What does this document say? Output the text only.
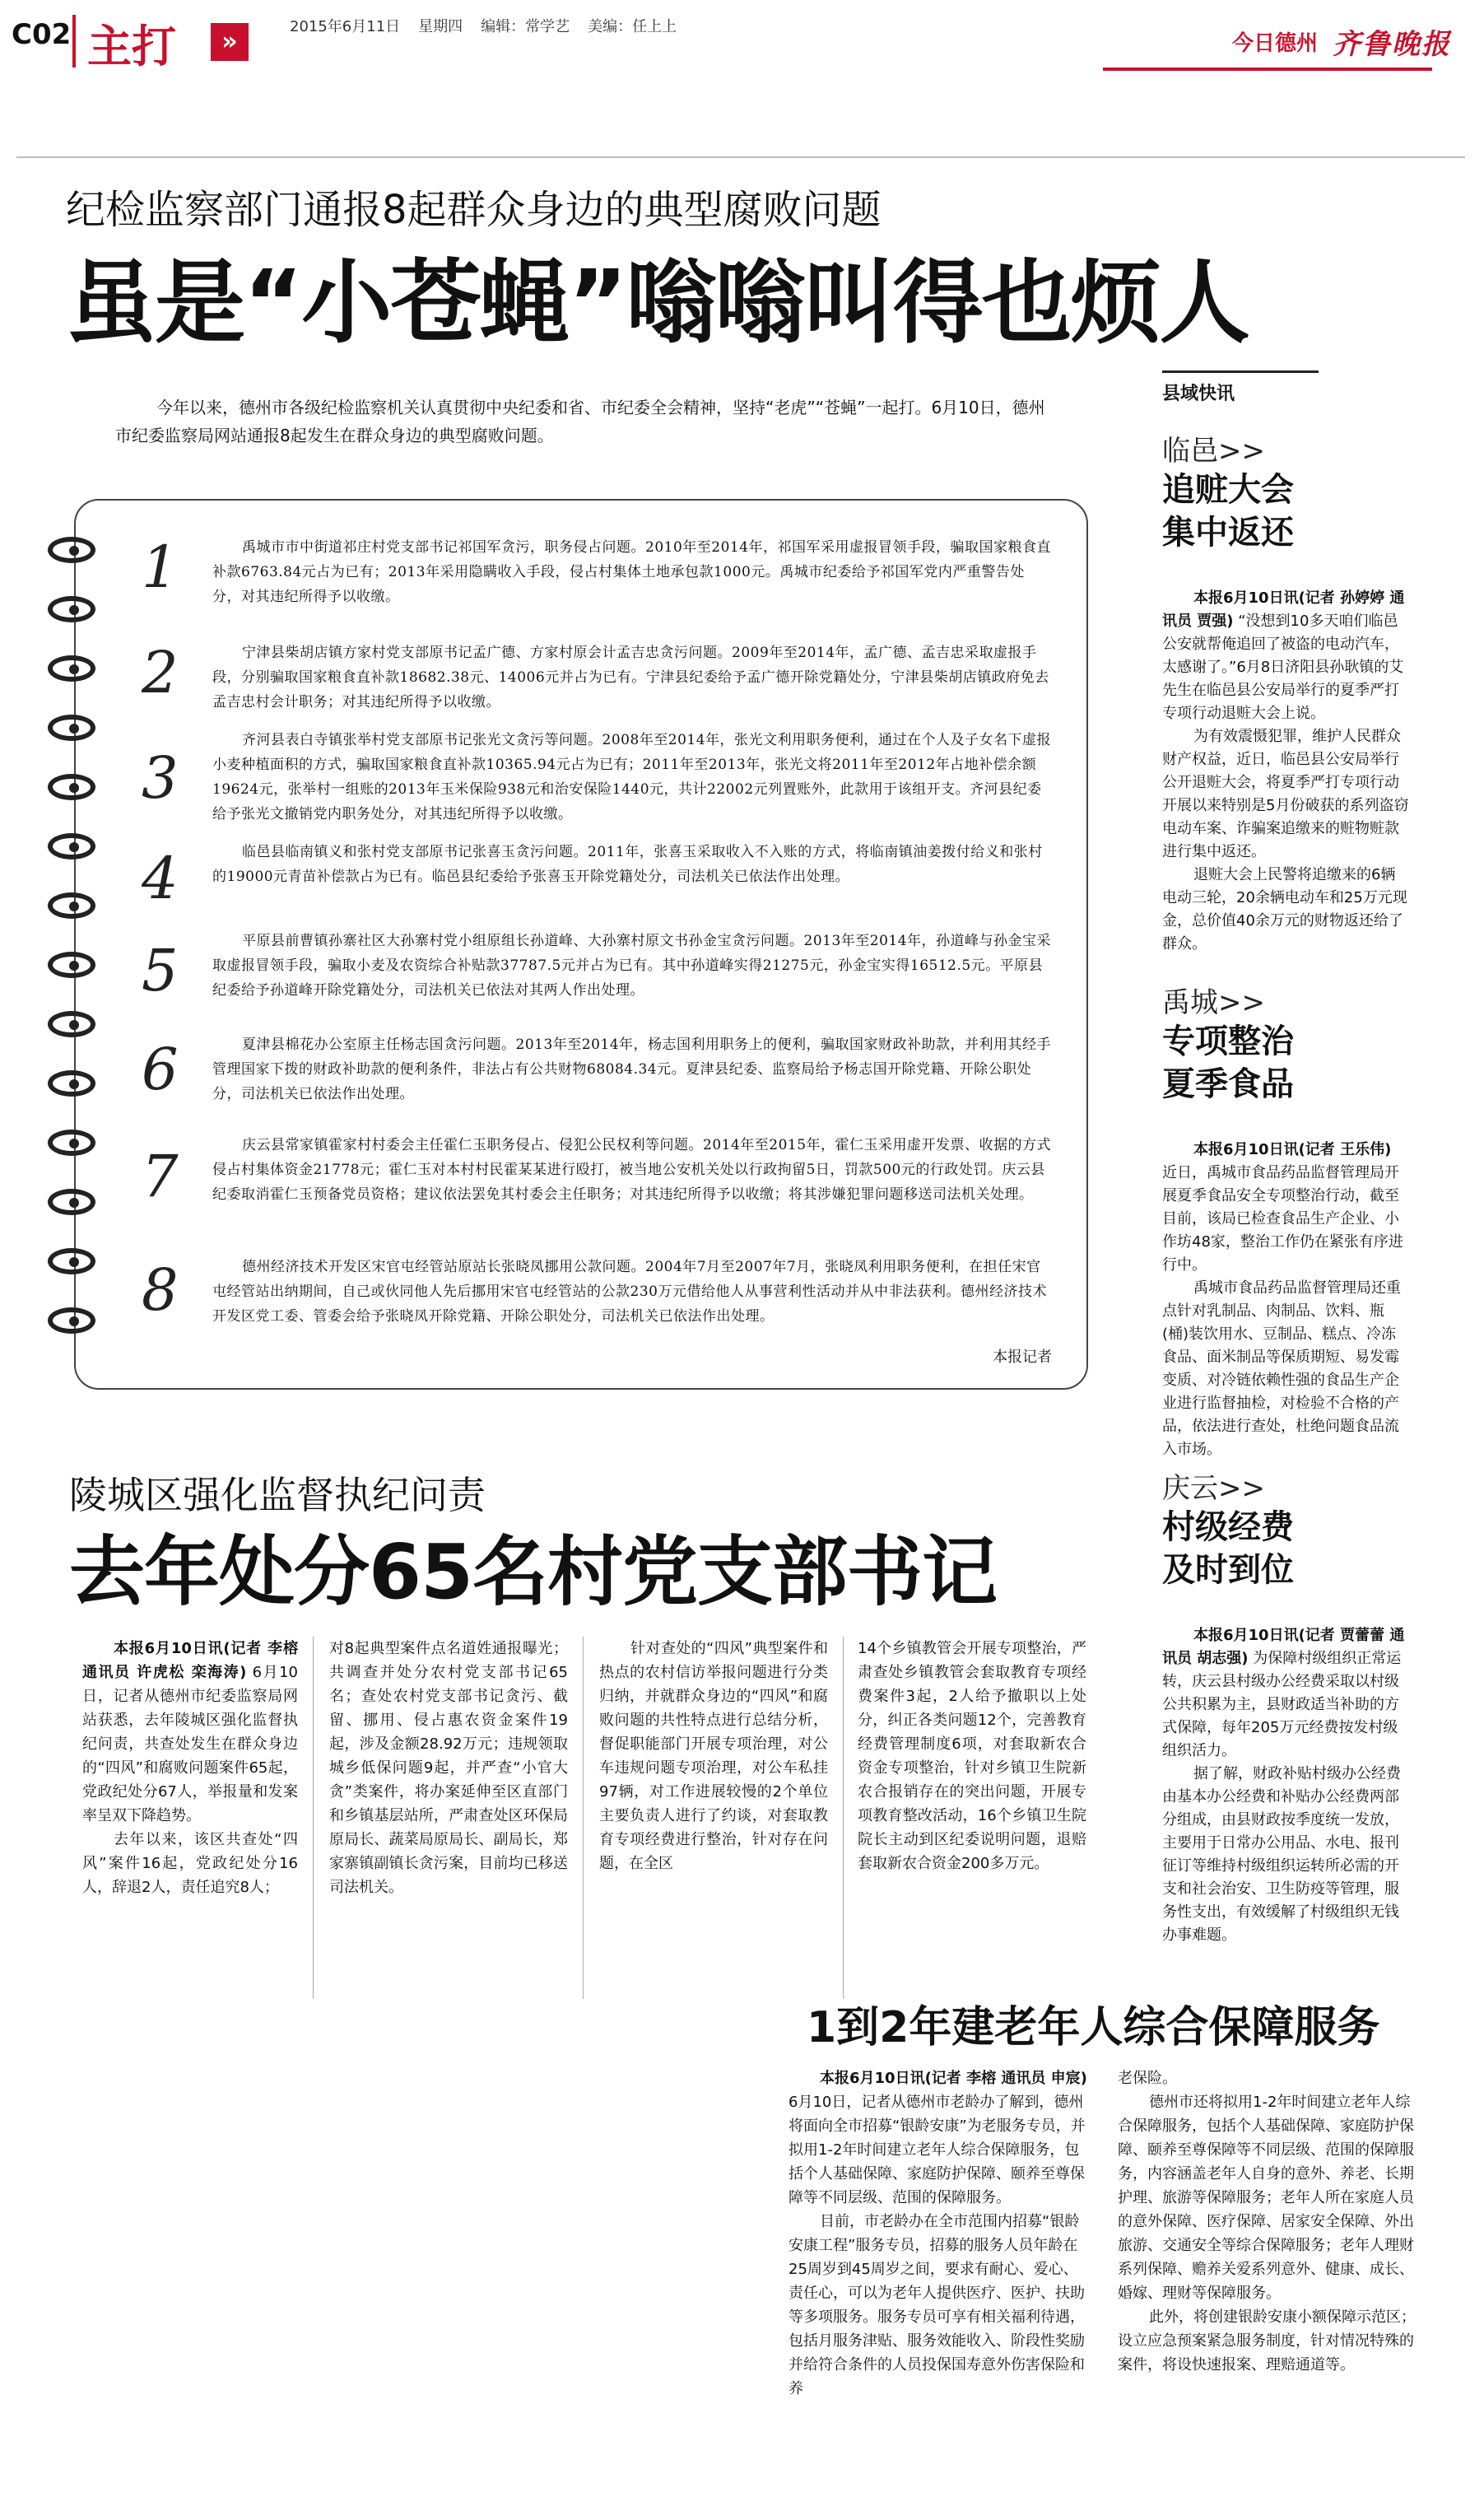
C02 主打	»
2015年6月11日 星期四 编辑：常学艺 美编：任上上
今日德州 齐鲁晚报
纪检监察部门通报8起群众身边的典型腐败问题
虽是“小苍蝇”嗡嗡叫得也烦人
今年以来，德州市各级纪检监察机关认真贯彻中央纪委和省、市纪委全会精神，坚持“老虎”“苍蝇”一起打。6月10日，德州市纪委监察局网站通报8起发生在群众身边的典型腐败问题。
1	禹城市市中街道祁庄村党支部书记祁国军贪污，职务侵占问题。2010年至2014年，祁国军采用虚报冒领手段，骗取国家粮食直补款6763.84元占为已有；2013年采用隐瞒收入手段，侵占村集体土地承包款1000元。禹城市纪委给予祁国军党内严重警告处分，对其违纪所得予以收缴。
2	宁津县柴胡店镇方家村党支部原书记孟广德、方家村原会计孟吉忠贪污问题。2009年至2014年，孟广德、孟吉忠采取虚报手段，分别骗取国家粮食直补款18682.38元、14006元并占为已有。宁津县纪委给予孟广德开除党籍处分，宁津县柴胡店镇政府免去孟吉忠村会计职务；对其违纪所得予以收缴。
3
齐河县表白寺镇张举村党支部原书记张光文贪污等问题。2008年至2014年，张光文利用职务便利，通过在个人及子女名下虚报小麦种植面积的方式，骗取国家粮食直补款10365.94元占为已有；2011年至2013年，张光文将2011年至2012年占地补偿余额19624元，张举村一组账的2013年玉米保险938元和治安保险1440元，共计22002元列置账外，此款用于该组开支。齐河县纪委给予张光文撤销党内职务处分，对其违纪所得予以收缴。
4	临邑县临南镇义和张村党支部原书记张喜玉贪污问题。2011年，张喜玉采取收入不入账的方式，将临南镇油姜拨付给义和张村的19000元青苗补偿款占为已有。临邑县纪委给予张喜玉开除党籍处分，司法机关已依法作出处理。
5	平原县前曹镇孙寨社区大孙寨村党小组原组长孙道峰、大孙寨村原文书孙金宝贪污问题。2013年至2014年，孙道峰与孙金宝采取虚报冒领手段，骗取小麦及农资综合补贴款37787.5元并占为已有。其中孙道峰实得21275元，孙金宝实得16512.5元。平原县纪委给予孙道峰开除党籍处分，司法机关已依法对其两人作出处理。
6	夏津县棉花办公室原主任杨志国贪污问题。2013年至2014年，杨志国利用职务上的便利，骗取国家财政补助款，并利用其经手管理国家下拨的财政补助款的便利条件，非法占有公共财物68084.34元。夏津县纪委、监察局给予杨志国开除党籍、开除公职处分，司法机关已依法作出处理。
7	庆云县常家镇霍家村村委会主任霍仁玉职务侵占、侵犯公民权利等问题。2014年至2015年，霍仁玉采用虚开发票、收据的方式侵占村集体资金21778元；霍仁玉对本村村民霍某某进行殴打，被当地公安机关处以行政拘留5日，罚款500元的行政处罚。庆云县纪委取消霍仁玉预备党员资格；建议依法罢免其村委会主任职务；对其违纪所得予以收缴；将其涉嫌犯罪问题移送司法机关处理。
8	德州经济技术开发区宋官屯经管站原站长张晓凤挪用公款问题。2004年7月至2007年7月，张晓凤利用职务便利，在担任宋官屯经管站出纳期间，自己或伙同他人先后挪用宋官屯经管站的公款230万元借给他人从事营利性活动并从中非法获利。德州经济技术开发区党工委、管委会给予张晓凤开除党籍、开除公职处分，司法机关已依法作出处理。
本报记者
县域快讯
临邑>>
追赃大会
集中返还
本报6月10日讯(记者 孙婷婷 通讯员 贾强) “没想到10多天咱们临邑公安就帮俺追回了被盗的电动汽车，太感谢了。”6月8日济阳县孙耿镇的艾先生在临邑县公安局举行的夏季严打专项行动退赃大会上说。
为有效震慑犯罪，维护人民群众财产权益，近日，临邑县公安局举行公开退赃大会，将夏季严打专项行动开展以来特别是5月份破获的系列盗窃电动车案、诈骗案追缴来的赃物赃款进行集中返还。
退赃大会上民警将追缴来的6辆电动三轮，20余辆电动车和25万元现金，总价值40余万元的财物返还给了群众。
禹城>>
专项整治
夏季食品
本报6月10日讯(记者 王乐伟) 近日，禹城市食品药品监督管理局开展夏季食品安全专项整治行动，截至目前，该局已检查食品生产企业、小作坊48家，整治工作仍在紧张有序进行中。
禹城市食品药品监督管理局还重点针对乳制品、肉制品、饮料、瓶(桶)装饮用水、豆制品、糕点、冷冻食品、面米制品等保质期短、易发霉变质、对冷链依赖性强的食品生产企业进行监督抽检，对检验不合格的产品，依法进行查处，杜绝问题食品流入市场。
庆云>>
村级经费
及时到位
本报6月10日讯(记者 贾蕾蕾 通讯员 胡志强) 为保障村级组织正常运转，庆云县村级办公经费采取以村级公共积累为主，县财政适当补助的方式保障，每年205万元经费按发村级组织活力。
据了解，财政补贴村级办公经费由基本办公经费和补贴办公经费两部分组成，由县财政按季度统一发放，主要用于日常办公用品、水电、报刊征订等维持村级组织运转所必需的开支和社会治安、卫生防疫等管理，服务性支出，有效缓解了村级组织无钱办事难题。
陵城区强化监督执纪问责
去年处分65名村党支部书记

本报6月10日讯(记者 李榕 通讯员 许虎松 栾海涛) 6月10日，记者从德州市纪委监察局网站获悉，去年陵城区强化监督执纪问责，共查处发生在群众身边的“四风”和腐败问题案件65起，党政纪处分67人，举报量和发案率呈双下降趋势。

去年以来，该区共查处“四风”案件16起，党政纪处分16人，辞退2人，责任追究8人；

对8起典型案件点名道姓通报曝光；共调查并处分农村党支部书记65名；查处农村党支部书记贪污、截留、挪用、侵占惠农资金案件19起，涉及金额28.92万元；违规领取城乡低保问题9起，并严查“小官大贪”类案件，将办案延伸至区直部门和乡镇基层站所，严肃查处区环保局原局长、蔬菜局原局长、副局长，郑家寨镇副镇长贪污案，目前均已移送司法机关。

针对查处的“四风”典型案件和热点的农村信访举报问题进行分类归纳，并就群众身边的“四风”和腐败问题的共性特点进行总结分析，督促职能部门开展专项治理，对公车违规问题专项治理，对公车私挂97辆，对工作进展较慢的2个单位主要负责人进行了约谈，对套取教育专项经费进行整治，针对存在问题，在全区

14个乡镇教管会开展专项整治，严肃查处乡镇教管会套取教育专项经费案件3起，2人给予撤职以上处分，纠正各类问题12个，完善教育经费管理制度6项，对套取新农合资金专项整治，针对乡镇卫生院新农合报销存在的突出问题，开展专项教育整改活动，16个乡镇卫生院院长主动到区纪委说明问题，退赔套取新农合资金200多万元。

1到2年建老年人综合保障服务

本报6月10日讯(记者 李榕 通讯员 申宸) 6月10日，记者从德州市老龄办了解到，德州将面向全市招募“银龄安康”为老服务专员，并拟用1-2年时间建立老年人综合保障服务，包括个人基础保障、家庭防护保障、颐养至尊保障等不同层级、范围的保障服务。

目前，市老龄办在全市范围内招募“银龄安康工程”服务专员，招募的服务人员年龄在25周岁到45周岁之间，要求有耐心、爱心、责任心，可以为老年人提供医疗、医护、扶助等多项服务。服务专员可享有相关福利待遇，包括月服务津贴、服务效能收入、阶段性奖励并给符合条件的人员投保国寿意外伤害保险和养

老保险。

德州市还将拟用1-2年时间建立老年人综合保障服务，包括个人基础保障、家庭防护保障、颐养至尊保障等不同层级、范围的保障服务，内容涵盖老年人自身的意外、养老、长期护理、旅游等保障服务；老年人所在家庭人员的意外保障、医疗保障、居家安全保障、外出旅游、交通安全等综合保障服务；老年人理财系列保障、赡养关爱系列意外、健康、成长、婚嫁、理财等保障服务。

此外，将创建银龄安康小额保障示范区；设立应急预案紧急服务制度，针对情况特殊的案件，将设快速报案、理赔通道等。
